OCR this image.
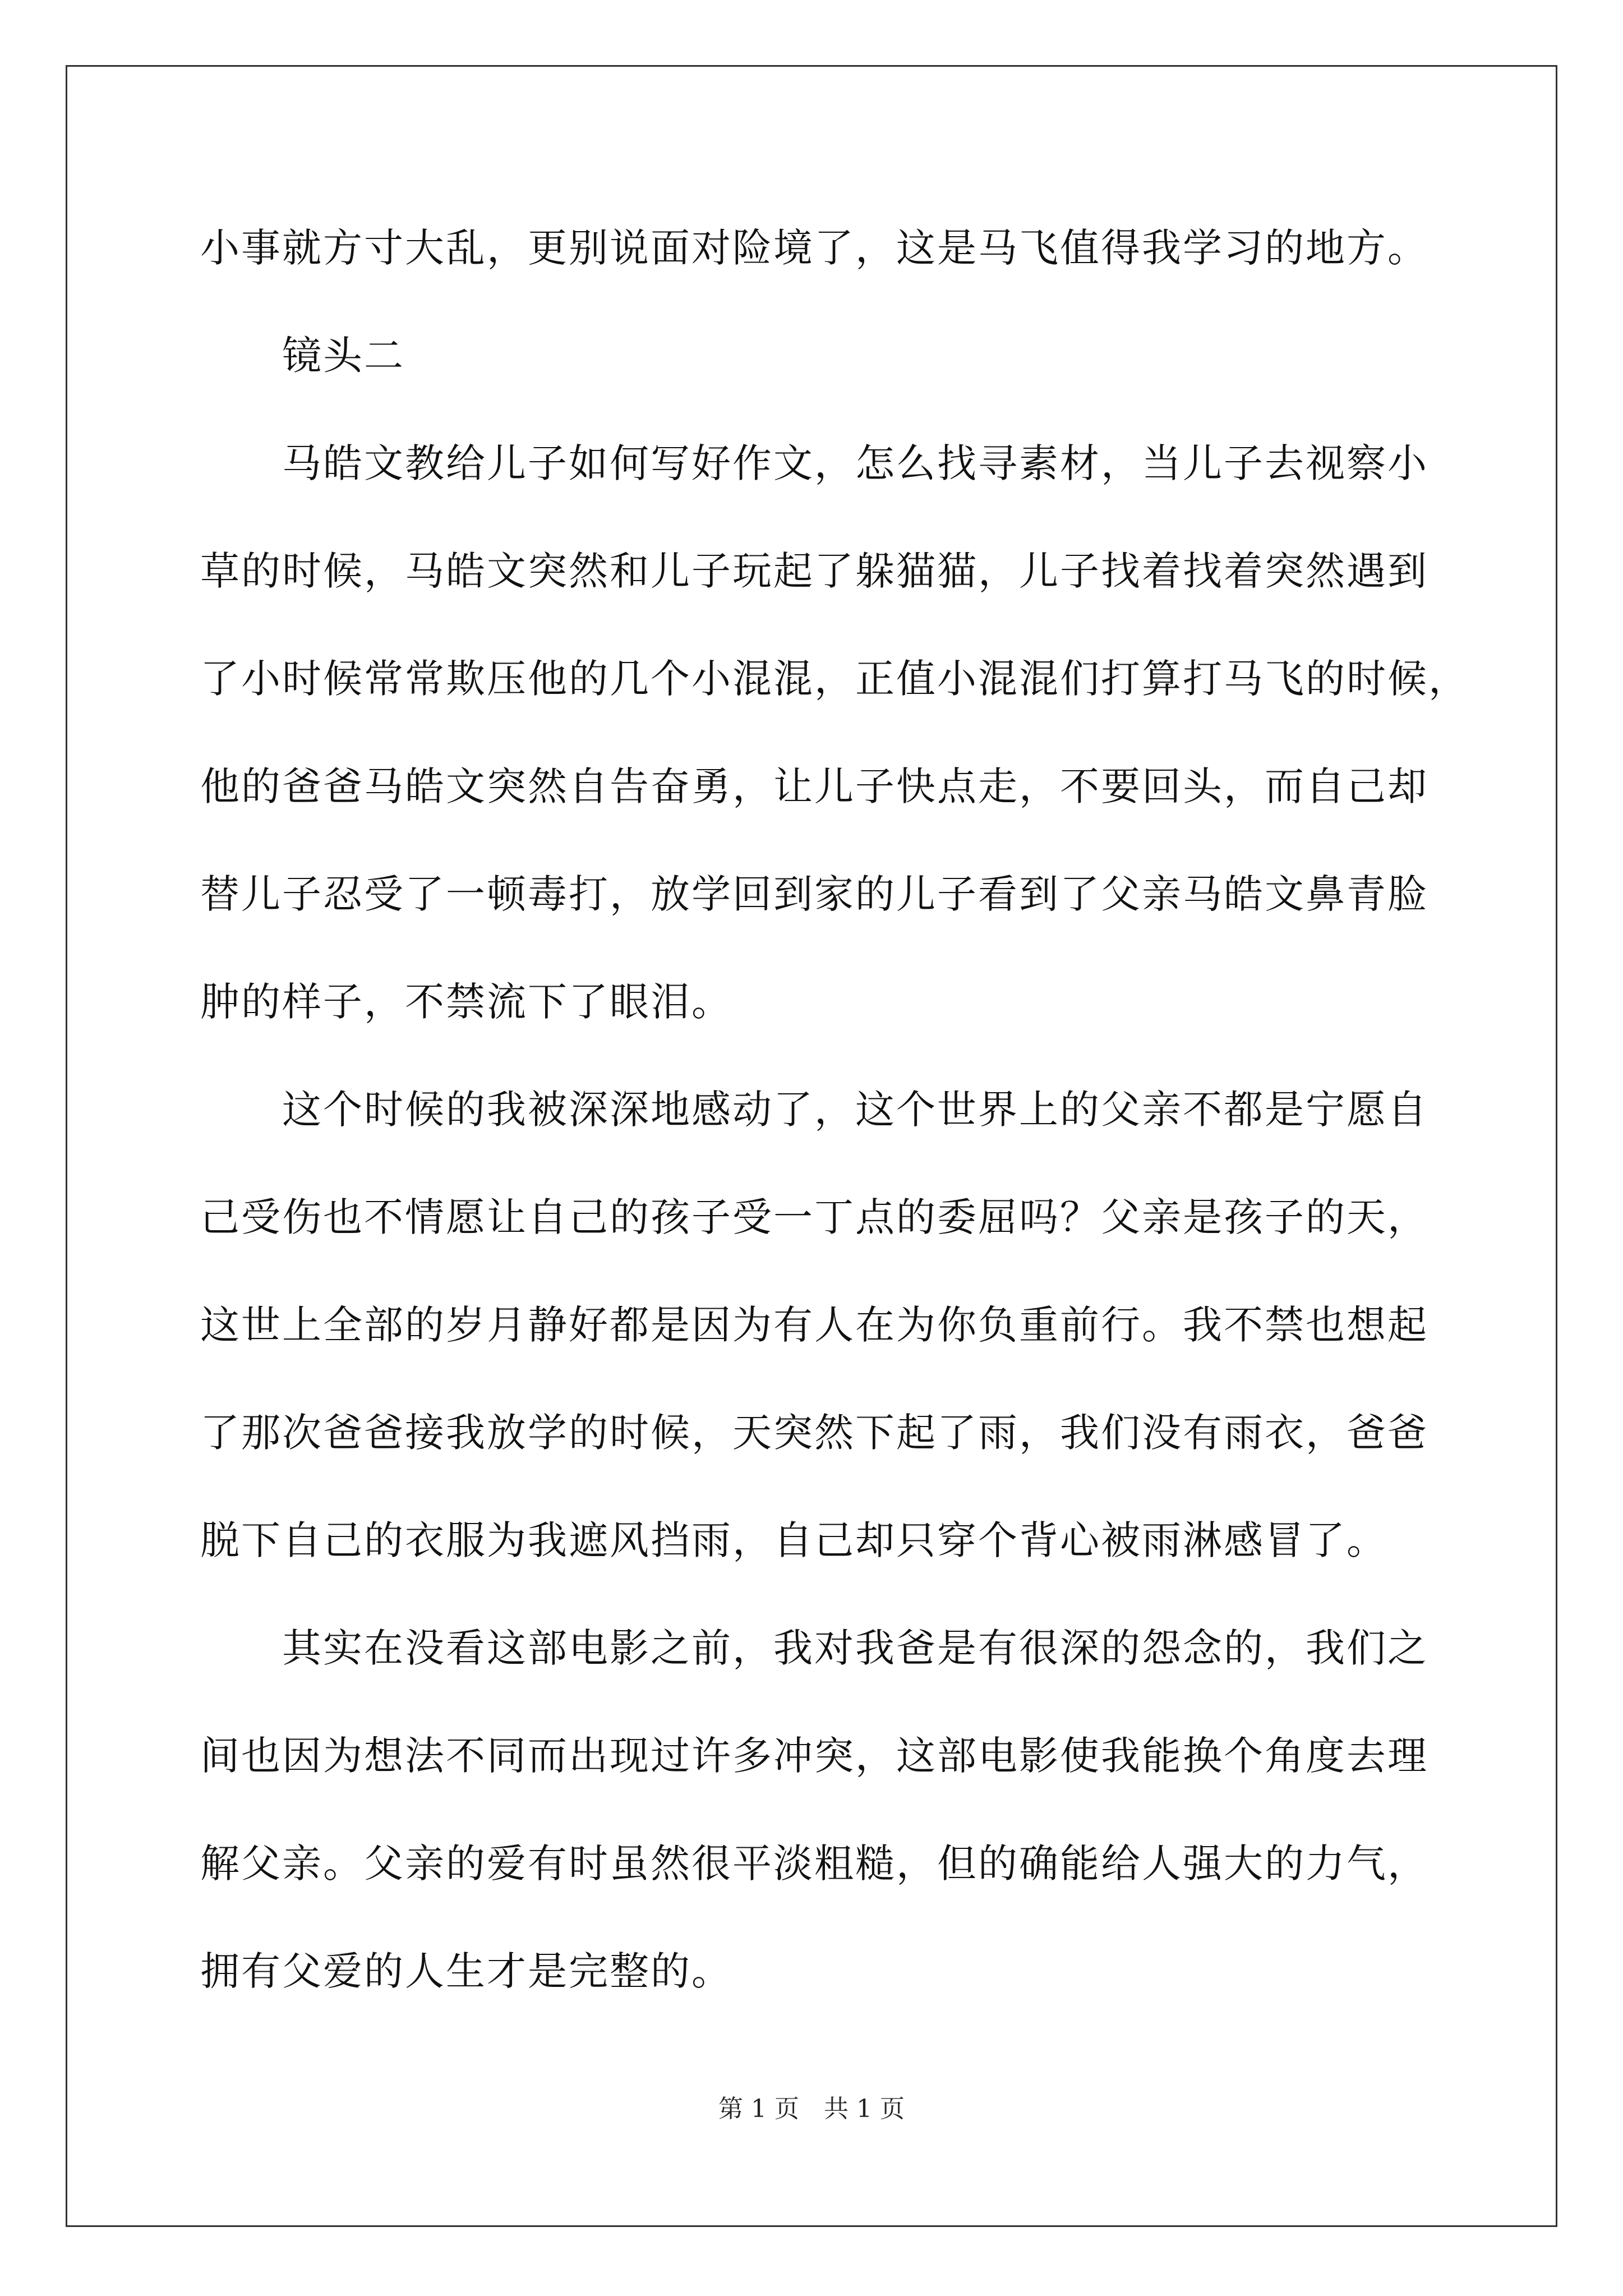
小事就方寸大乱，更别说面对险境了，这是马飞值得我学习的地方。
镜头二
马皓文教给儿子如何写好作文，怎么找寻素材，当儿子去视察小
草的时候，马皓文突然和儿子玩起了躲猫猫，儿子找着找着突然遇到
了小时候常常欺压他的几个小混混，正值小混混们打算打马飞的时候，
他的爸爸马皓文突然自告奋勇，让儿子快点走，不要回头，而自己却
替儿子忍受了一顿毒打，放学回到家的儿子看到了父亲马皓文鼻青脸
肿的样子，不禁流下了眼泪。
这个时候的我被深深地感动了，这个世界上的父亲不都是宁愿自
己受伤也不情愿让自己的孩子受一丁点的委屈吗？父亲是孩子的天，
这世上全部的岁月静好都是因为有人在为你负重前行。我不禁也想起
了那次爸爸接我放学的时候，天突然下起了雨，我们没有雨衣，爸爸
脱下自己的衣服为我遮风挡雨，自己却只穿个背心被雨淋感冒了。
其实在没看这部电影之前，我对我爸是有很深的怨念的，我们之
间也因为想法不同而出现过许多冲突，这部电影使我能换个角度去理
解父亲。父亲的爱有时虽然很平淡粗糙，但的确能给人强大的力气，
拥有父爱的人生才是完整的。
第 1 页　共 1 页
